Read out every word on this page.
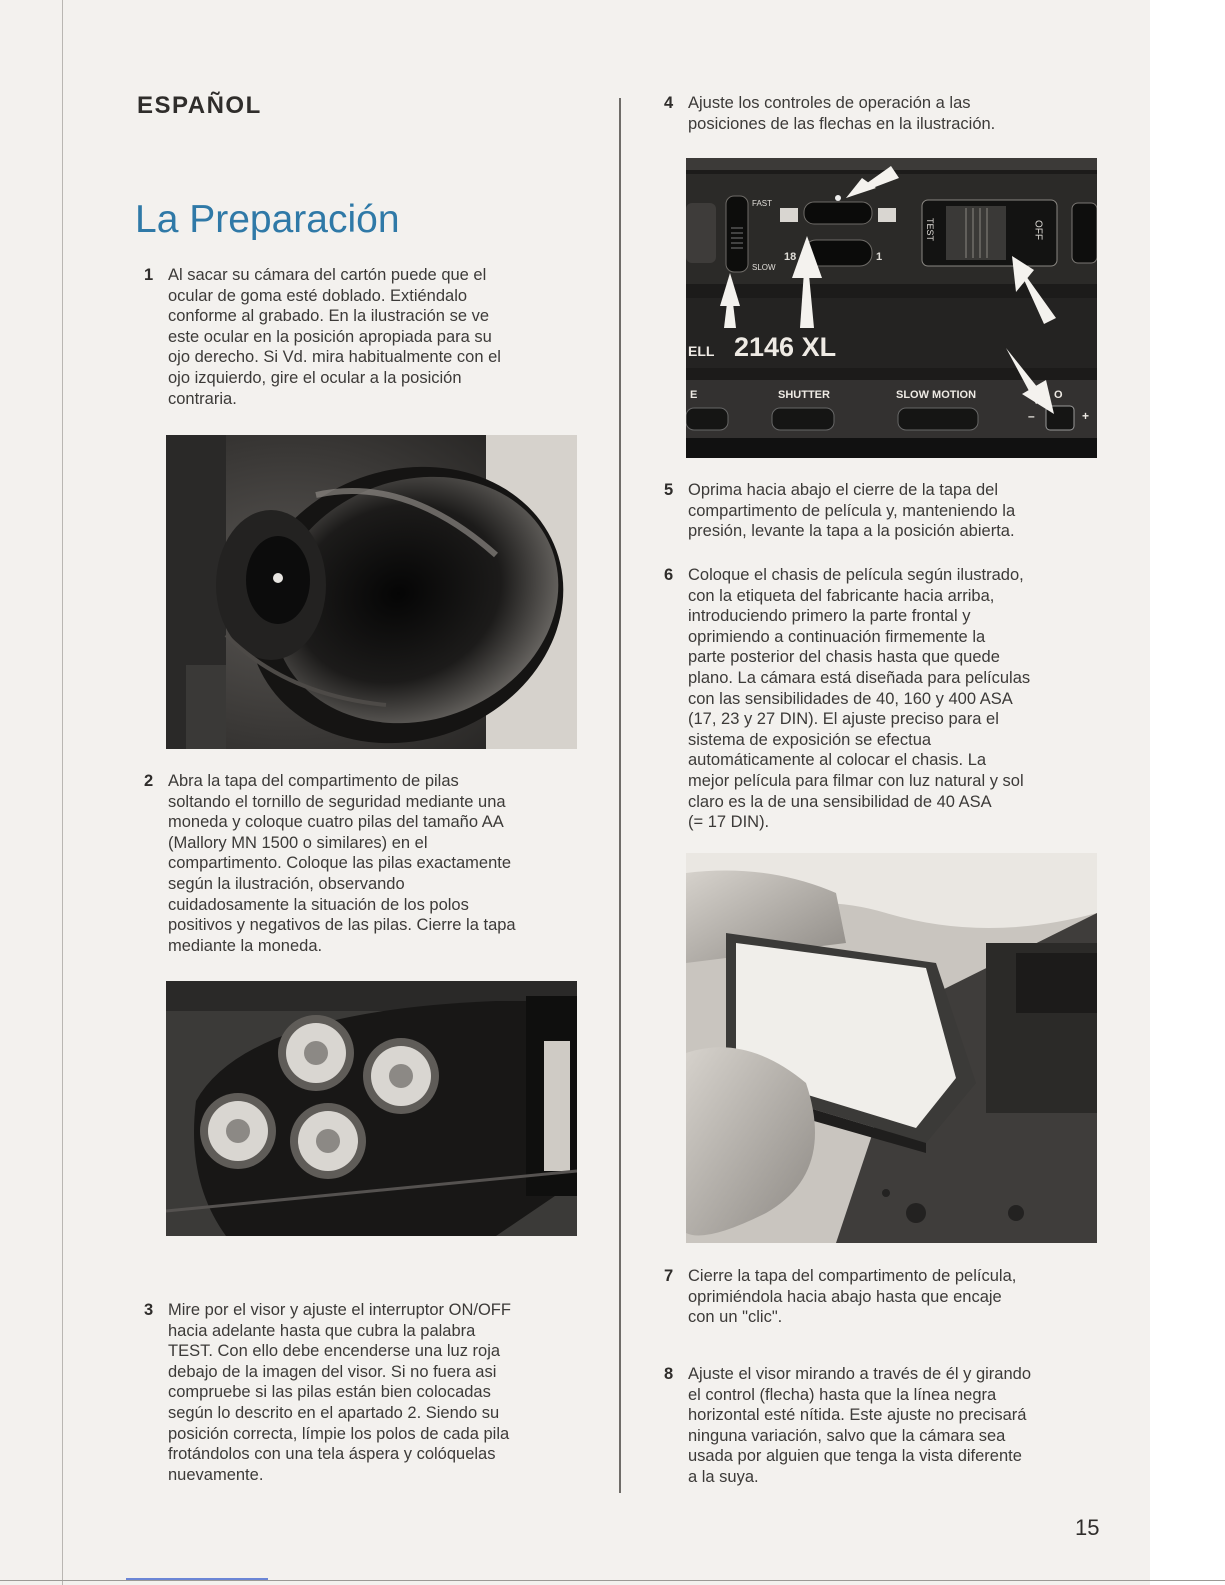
ESPAÑOL
La Preparación
1 Al sacar su cámara del cartón puede que el
ocular de goma esté doblado. Extiéndalo
conforme al grabado. En la ilustración se ve
este ocular en la posición apropiada para su
ojo derecho. Si Vd. mira habitualmente con el
ojo izquierdo, gire el ocular a la posición
contraria.
2 Abra la tapa del compartimento de pilas
soltando el tornillo de seguridad mediante una
moneda y coloque cuatro pilas del tamaño AA
(Mallory MN 1500 o similares) en el
compartimento. Coloque las pilas exactamente
según la ilustración, observando
cuidadosamente la situación de los polos
positivos y negativos de las pilas. Cierre la tapa
mediante la moneda.
3 Mire por el visor y ajuste el interruptor ON/OFF
hacia adelante hasta que cubra la palabra
TEST. Con ello debe encenderse una luz roja
debajo de la imagen del visor. Si no fuera asi
compruebe si las pilas están bien colocadas
según lo descrito en el apartado 2. Siendo su
posición correcta, límpie los polos de cada pila
frotándolos con una tela áspera y colóquelas
nuevamente.
4 Ajuste los controles de operación a las
posiciones de las flechas en la ilustración.
FAST
SLOW
18	1
TEST	OFF
ELL 2146 XL
E	SHUTTER	SLOW MOTION	O
–	+
5 Oprima hacia abajo el cierre de la tapa del
compartimento de película y, manteniendo la
presión, levante la tapa a la posición abierta.
6 Coloque el chasis de película según ilustrado,
con la etiqueta del fabricante hacia arriba,
introduciendo primero la parte frontal y
oprimiendo a continuación firmemente la
parte posterior del chasis hasta que quede
plano. La cámara está diseñada para películas
con las sensibilidades de 40, 160 y 400 ASA
(17, 23 y 27 DIN). El ajuste preciso para el
sistema de exposición se efectua
automáticamente al colocar el chasis. La
mejor película para filmar con luz natural y sol
claro es la de una sensibilidad de 40 ASA
(= 17 DIN).
7 Cierre la tapa del compartimento de película,
oprimiéndola hacia abajo hasta que encaje
con un "clic".
8 Ajuste el visor mirando a través de él y girando
el control (flecha) hasta que la línea negra
horizontal esté nítida. Este ajuste no precisará
ninguna variación, salvo que la cámara sea
usada por alguien que tenga la vista diferente
a la suya.
15
